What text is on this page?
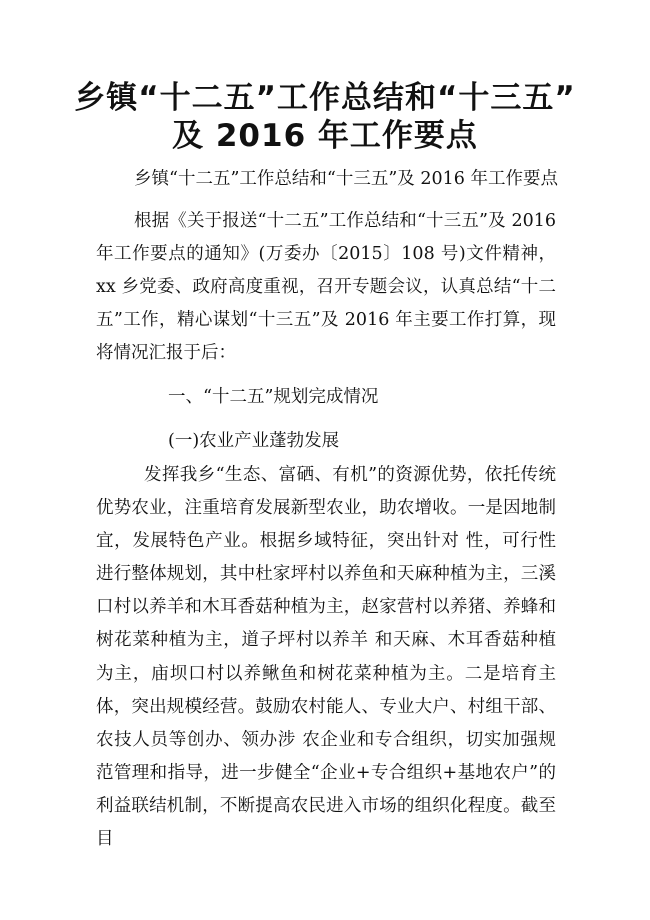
乡镇“十二五”工作总结和“十三五”
及 2016 年工作要点
乡镇“十二五”工作总结和“十三五”及 2016 年工作要点
根据《关于报送“十二五”工作总结和“十三五”及 2016 年工作要点的通知》(万委办〔2015〕108 号)文件精神，xx 乡党委、政府高度重视，召开专题会议，认真总结“十二五”工作，精心谋划“十三五”及 2016 年主要工作打算，现将情况汇报于后：
一、“十二五”规划完成情况
(一)农业产业蓬勃发展
发挥我乡“生态、富硒、有机”的资源优势，依托传统优势农业，注重培育发展新型农业，助农增收。一是因地制宜，发展特色产业。根据乡域特征，突出针对 性，可行性进行整体规划，其中杜家坪村以养鱼和天麻种植为主，三溪口村以养羊和木耳香菇种植为主，赵家营村以养猪、养蜂和树花菜种植为主，道子坪村以养羊 和天麻、木耳香菇种植为主，庙坝口村以养鳅鱼和树花菜种植为主。二是培育主体，突出规模经营。鼓励农村能人、专业大户、村组干部、农技人员等创办、领办涉 农企业和专合组织，切实加强规范管理和指导，进一步健全“企业+专合组织+基地农户”的利益联结机制，不断提高农民进入市场的组织化程度。截至目
